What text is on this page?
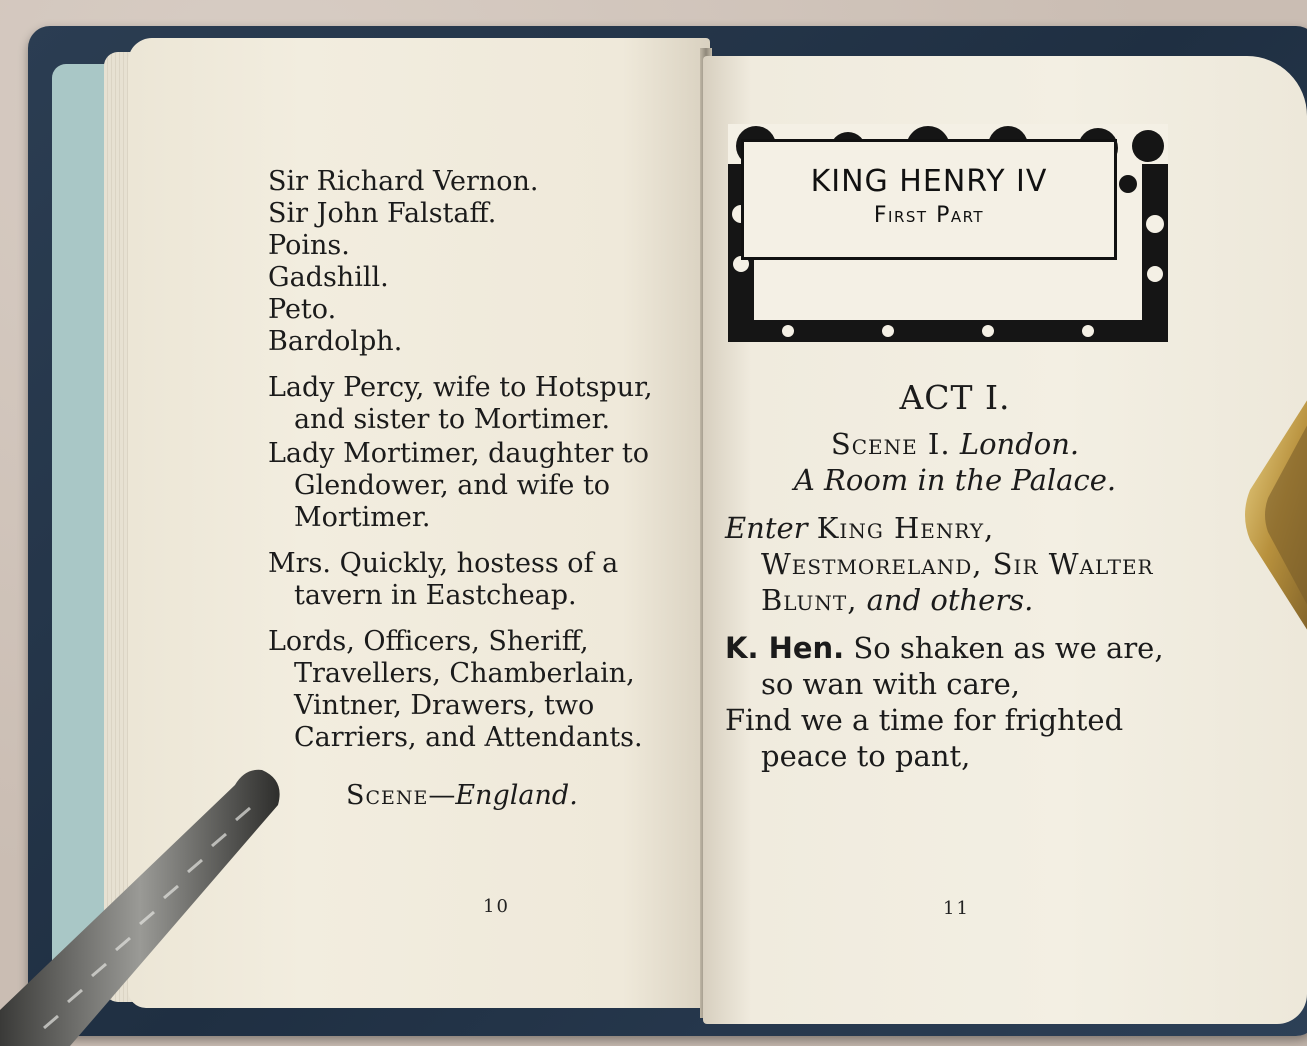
Sir Richard Vernon.
Sir John Falstaff.
Poins.
Gadshill.
Peto.
Bardolph.
Lady Percy, wife to Hotspur, and sister to Mortimer.
Lady Mortimer, daughter to Glendower, and wife to Mortimer.
Mrs. Quickly, hostess of a tavern in Eastcheap.
Lords, Officers, Sheriff, Travellers, Chamberlain, Vintner, Drawers, two Carriers, and Attendants.
Scene—England.
10
KING HENRY IV
First Part
ACT I.
Scene I. London.
A Room in the Palace.
Enter King Henry, Westmoreland, Sir Walter Blunt, and others.
K. Hen. So shaken as we are, so wan with care,
Find we a time for frighted peace to pant,
11
